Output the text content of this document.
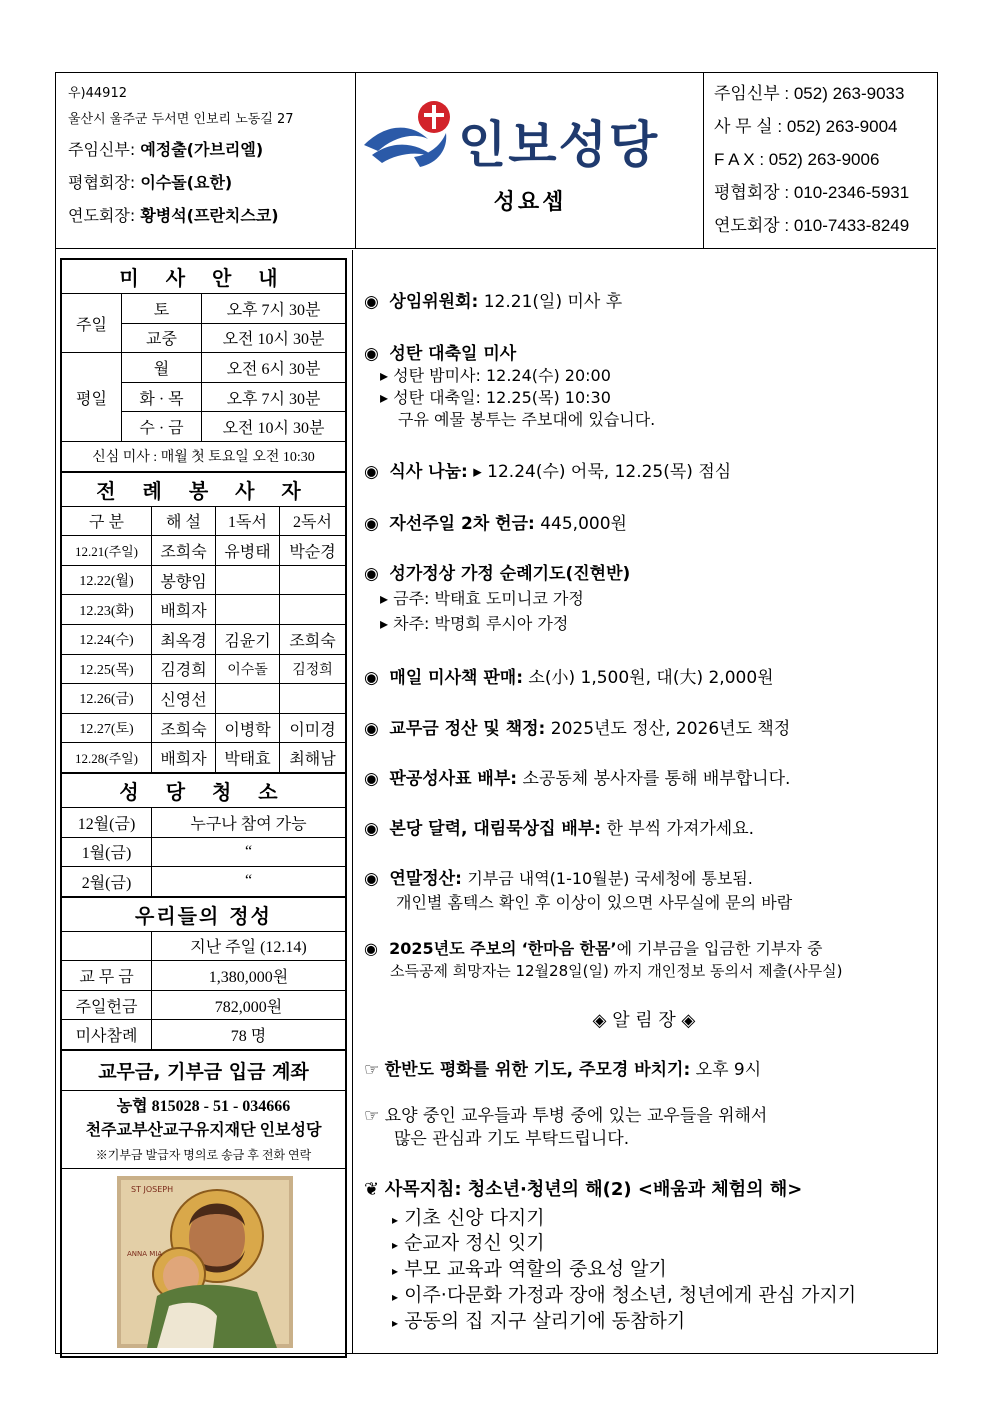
우)44912
울산시 울주군 두서면 인보리 노동길 27
주임신부: 예정출(가브리엘)
평협회장: 이수돌(요한)
연도회장: 황병석(프란치스코)
인보성당
성요셉
주임신부 : 052) 263-9033
사 무 실 : 052) 263-9004
F A X : 052) 263-9006
평협회장 : 010-2346-5931
연도회장 : 010-7433-8249
미 사 안 내		
주일	토	오후 7시 30분
	교중	오전 10시 30분
평일	월	오전 6시 30분
	화 · 목	오후 7시 30분
	수 · 금	오전 10시 30분
신심 미사 : 매월 첫 토요일 오전 10:30		
전 례 봉 사 자			
구 분	해 설	1독서	2독서
12.21(주일)	조희숙	유병태	박순경
12.22(월)	봉향임		
12.23(화)	배희자		
12.24(수)	최옥경	김윤기	조희숙
12.25(목)	김경희	이수돌	김정희
12.26(금)	신영선		
12.27(토)	조희숙	이병학	이미경
12.28(주일)	배희자	박태효	최해남
성 당 청 소	
12월(금)	누구나 참여 가능
1월(금)	“
2월(금)	“
우리들의 정성	
	지난 주일 (12.14)
교 무 금	1,380,000원
주일헌금	782,000원
미사참례	78 명
교무금, 기부금 입금 계좌

농협 815028 - 51 - 034666
천주교부산교구유지재단 인보성당
※기부금 발급자 명의로 송금 후 전화 연락

ST JOSEPH
ANNA MIA
◉ 상임위원회: 12.21(일) 미사 후
◉ 성탄 대축일 미사
▸ 성탄 밤미사: 12.24(수) 20:00
▸ 성탄 대축일: 12.25(목) 10:30
구유 예물 봉투는 주보대에 있습니다.
◉ 식사 나눔: ▸ 12.24(수) 어묵, 12.25(목) 점심
◉ 자선주일 2차 헌금: 445,000원
◉ 성가정상 가정 순례기도(진현반)
▸ 금주: 박태효 도미니코 가정
▸ 차주: 박명희 루시아 가정
◉ 매일 미사책 판매: 소(小) 1,500원, 대(大) 2,000원
◉ 교무금 정산 및 책정: 2025년도 정산, 2026년도 책정
◉ 판공성사표 배부: 소공동체 봉사자를 통해 배부합니다.
◉ 본당 달력, 대림묵상집 배부: 한 부씩 가져가세요.
◉ 연말정산: 기부금 내역(1-10월분) 국세청에 통보됨.
개인별 홈텍스 확인 후 이상이 있으면 사무실에 문의 바람
◉ 2025년도 주보의 ‘한마음 한몸’에 기부금을 입금한 기부자 중
소득공제 희망자는 12월28일(일) 까지 개인정보 동의서 제출(사무실)
◈ 알 림 장 ◈
☞ 한반도 평화를 위한 기도, 주모경 바치기: 오후 9시
☞ 요양 중인 교우들과 투병 중에 있는 교우들을 위해서
많은 관심과 기도 부탁드립니다.
❦ 사목지침: 청소년·청년의 해(2) <배움과 체험의 해>
▸ 기초 신앙 다지기
▸ 순교자 정신 잇기
▸ 부모 교육과 역할의 중요성 알기
▸ 이주·다문화 가정과 장애 청소년, 청년에게 관심 가지기
▸ 공동의 집 지구 살리기에 동참하기
